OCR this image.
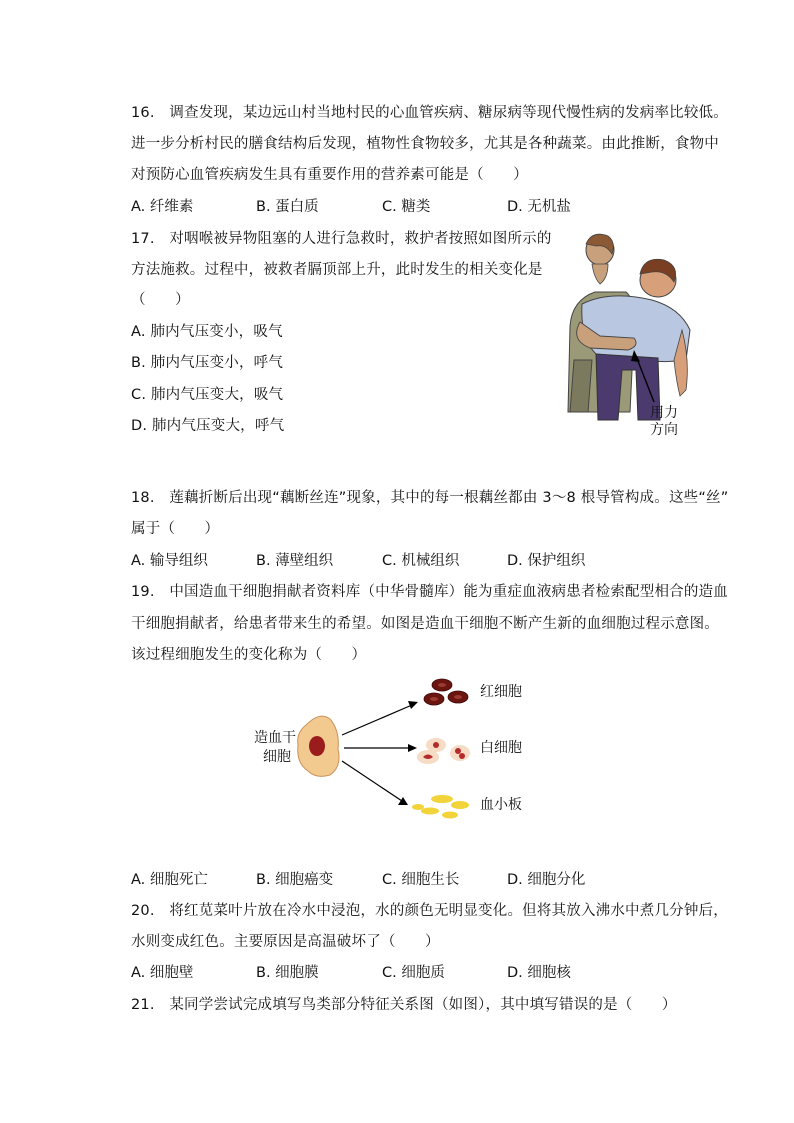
16.　调查发现，某边远山村当地村民的心血管疾病、糖尿病等现代慢性病的发病率比较低。
进一步分析村民的膳食结构后发现，植物性食物较多，尤其是各种蔬菜。由此推断，食物中
对预防心血管疾病发生具有重要作用的营养素可能是（　　）
A. 纤维素	B. 蛋白质	C. 糖类	D. 无机盐
17.　对咽喉被异物阻塞的人进行急救时，救护者按照如图所示的
方法施救。过程中，被救者膈顶部上升，此时发生的相关变化是
（　　）
A. 肺内气压变小，吸气
B. 肺内气压变小，呼气
C. 肺内气压变大，吸气
D. 肺内气压变大，呼气
用力
方向
18.　莲藕折断后出现“藕断丝连”现象，其中的每一根藕丝都由 3～8 根导管构成。这些“丝”
属于（　　）
A. 输导组织	B. 薄壁组织	C. 机械组织	D. 保护组织
19.　中国造血干细胞捐献者资料库（中华骨髓库）能为重症血液病患者检索配型相合的造血
干细胞捐献者，给患者带来生的希望。如图是造血干细胞不断产生新的血细胞过程示意图。
该过程细胞发生的变化称为（　　）
造血干
细胞
红细胞
白细胞
血小板
A. 细胞死亡	B. 细胞癌变	C. 细胞生长	D. 细胞分化
20.　将红苋菜叶片放在冷水中浸泡，水的颜色无明显变化。但将其放入沸水中煮几分钟后，
水则变成红色。主要原因是高温破坏了（　　）
A. 细胞壁	B. 细胞膜	C. 细胞质	D. 细胞核
21.　某同学尝试完成填写鸟类部分特征关系图（如图），其中填写错误的是（　　）
